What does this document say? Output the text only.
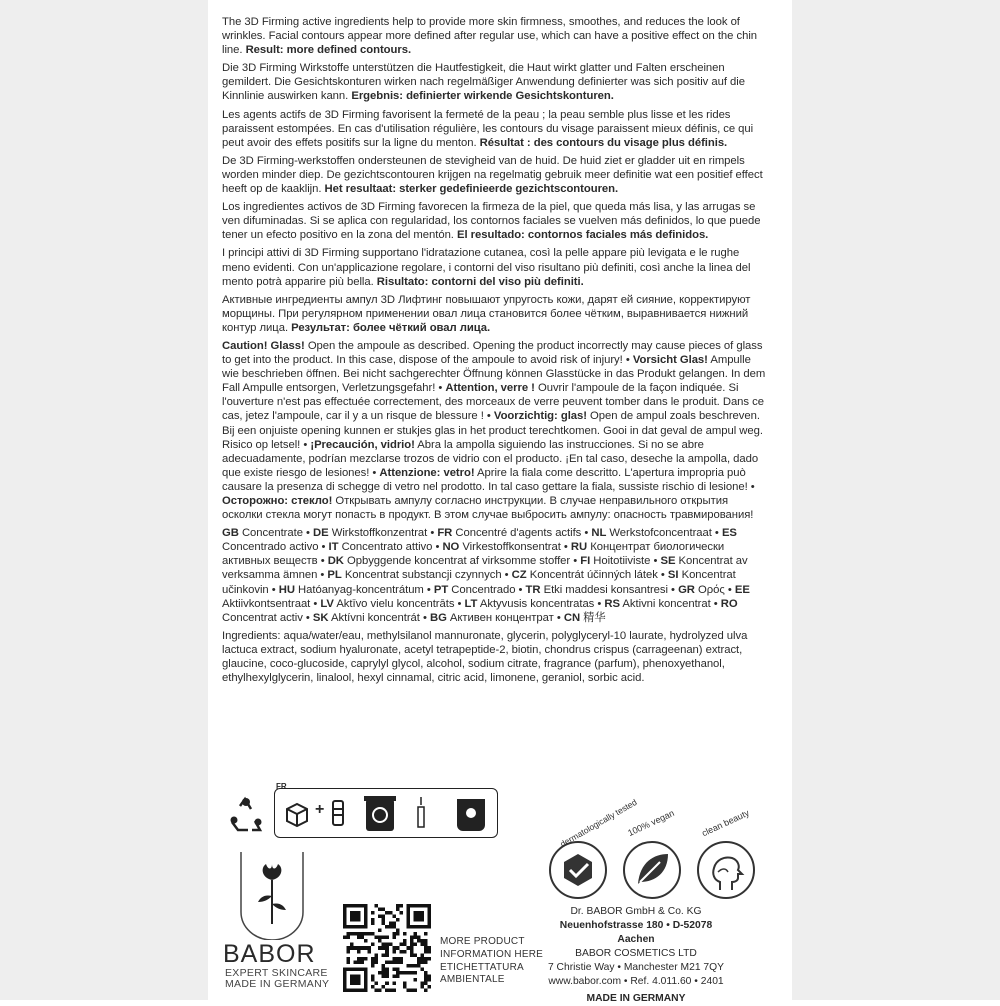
The 3D Firming active ingredients help to provide more skin firmness, smoothes, and reduces the look of wrinkles. Facial contours appear more defined after regular use, which can have a positive effect on the chin line. Result: more defined contours.

Die 3D Firming Wirkstoffe unterstützen die Hautfestigkeit, die Haut wirkt glatter und Falten erscheinen gemildert. Die Gesichtskonturen wirken nach regelmäßiger Anwendung definierter was sich positiv auf die Kinnlinie auswirken kann. Ergebnis: definierter wirkende Gesichtskonturen.

Les agents actifs de 3D Firming favorisent la fermeté de la peau ; la peau semble plus lisse et les rides paraissent estompées. En cas d'utilisation régulière, les contours du visage paraissent mieux définis, ce qui peut avoir des effets positifs sur la ligne du menton. Résultat : des contours du visage plus définis.

De 3D Firming-werkstoffen ondersteunen de stevigheid van de huid. De huid ziet er gladder uit en rimpels worden minder diep. De gezichtscontouren krijgen na regelmatig gebruik meer definitie wat een positief effect heeft op de kaaklijn. Het resultaat: sterker gedefinieerde gezichtscontouren.

Los ingredientes activos de 3D Firming favorecen la firmeza de la piel, que queda más lisa, y las arrugas se ven difuminadas. Si se aplica con regularidad, los contornos faciales se vuelven más definidos, lo que puede tener un efecto positivo en la zona del mentón. El resultado: contornos faciales más definidos.

I principi attivi di 3D Firming supportano l'idratazione cutanea, così la pelle appare più levigata e le rughe meno evidenti. Con un'applicazione regolare, i contorni del viso risultano più definiti, così anche la linea del mento potrà apparire più bella. Risultato: contorni del viso più definiti.

Активные ингредиенты ампул 3D Лифтинг повышают упругость кожи, дарят ей сияние, корректируют морщины. При регулярном применении овал лица становится более чётким, выравнивается нижний контур лица. Результат: более чёткий овал лица.

Caution! Glass! Open the ampoule as described. Opening the product incorrectly may cause pieces of glass to get into the product. In this case, dispose of the ampoule to avoid risk of injury! • Vorsicht Glas! Ampulle wie beschrieben öffnen. Bei nicht sachgerechter Öffnung können Glasstücke in das Produkt gelangen. In dem Fall Ampulle entsorgen, Verletzungsgefahr! • Attention, verre ! Ouvrir l'ampoule de la façon indiquée. Si l'ouverture n'est pas effectuée correctement, des morceaux de verre peuvent tomber dans le produit. Dans ce cas, jetez l'ampoule, car il y a un risque de blessure ! • Voorzichtig: glas! Open de ampul zoals beschreven. Bij een onjuiste opening kunnen er stukjes glas in het product terechtkomen. Gooi in dat geval de ampul weg. Risico op letsel! • ¡Precaución, vidrio! Abra la ampolla siguiendo las instrucciones. Si no se abre adecuadamente, podrían mezclarse trozos de vidrio con el producto. ¡En tal caso, deseche la ampolla, dado que existe riesgo de lesiones! • Attenzione: vetro! Aprire la fiala come descritto. L'apertura impropria può causare la presenza di schegge di vetro nel prodotto. In tal caso gettare la fiala, sussiste rischio di lesione! • Осторожно: стекло! Открывать ампулу согласно инструкции. В случае неправильного открытия осколки стекла могут попасть в продукт. В этом случае выбросить ампулу: опасность травмирования!

GB Concentrate • DE Wirkstoffkonzentrat • FR Concentré d'agents actifs • NL Werkstofconcentraat • ES Concentrado activo • IT Concentrato attivo • NO Virkestoffkonsentrat • RU Концентрат биологически активных веществ • DK Opbyggende koncentrat af virksomme stoffer • FI Hoitotiiviste • SE Koncentrat av verksamma ämnen • PL Koncentrat substancji czynnych • CZ Koncentrát účinných látek • SI Koncentrat učinkovin • HU Hatóanyag-koncentrátum • PT Concentrado • TR Etki maddesi konsantresi • GR Ορός • EE Aktiivkontsentraat • LV Aktīvo vielu koncentrāts • LT Aktyvusis koncentratas • RS Aktivni koncentrat • RO Concentrat activ • SK Aktívni koncentrát • BG Активен концентрат • CN 精华

Ingredients: aqua/water/eau, methylsilanol mannuronate, glycerin, polyglyceryl-10 laurate, hydrolyzed ulva lactuca extract, sodium hyaluronate, acetyl tetrapeptide-2, biotin, chondrus crispus (carrageenan) extract, glaucine, coco-glucoside, caprylyl glycol, alcohol, sodium citrate, fragrance (parfum), phenoxyethanol, ethylhexylglycerin, linalool, hexyl cinnamal, citric acid, limonene, geraniol, sorbic acid.

FR
+	dermatologically tested
100% vegan	clean beauty
BABOR
EXPERT SKINCARE
MADE IN GERMANY
MORE PRODUCT
INFORMATION HERE
ETICHETTATURA
AMBIENTALE
Dr. BABOR GmbH & Co. KG
Neuenhofstrasse 180 • D-52078 Aachen
BABOR COSMETICS LTD
7 Christie Way • Manchester M21 7QY
www.babor.com • Ref. 4.011.60 • 2401
MADE IN GERMANY
